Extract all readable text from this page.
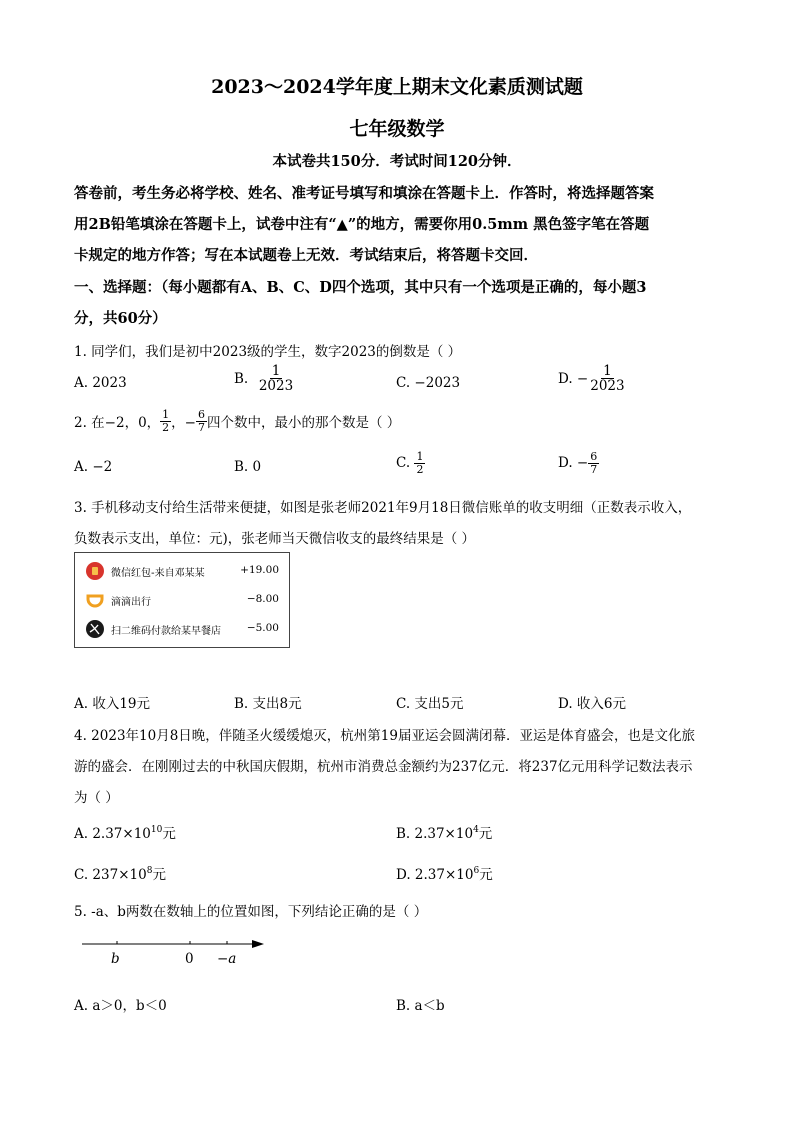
2023～2024学年度上期末文化素质测试题
七年级数学
本试卷共150分．考试时间120分钟．
答卷前，考生务必将学校、姓名、准考证号填写和填涂在答题卡上．作答时，将选择题答案
用2B铅笔填涂在答题卡上，试卷中注有“▲”的地方，需要你用0.5mm 黑色签字笔在答题
卡规定的地方作答；写在本试题卷上无效．考试结束后，将答题卡交回．
一、选择题：（每小题都有A、B、C、D四个选项，其中只有一个选项是正确的，每小题3
分，共60分）
1. 同学们，我们是初中2023级的学生，数字2023的倒数是（ ）
A. 2023	B.
$\frac{1}{2023}$	C. −2023	D. − $\frac{1}{2023}$
2. 在−2，0， $\frac{1}{2}$ ，− $\frac{6}{7}$ 四个数中，最小的那个数是（ ）
A. −2	B. 0	C.
$\frac{1}{2}$	D. − $\frac{6}{7}$
3. 手机移动支付给生活带来便捷，如图是张老师2021年9月18日微信账单的收支明细（正数表示收入，
负数表示支出，单位：元)，张老师当天微信收支的最终结果是（ ）
微信红包-来自邓某某	+19.00
滴滴出行	−8.00
扫二维码付款给某早餐店 −5.00
A. 收入19元	B. 支出8元	C. 支出5元	D. 收入6元
4. 2023年10月8日晚，伴随圣火缓缓熄灭，杭州第19届亚运会圆满闭幕．亚运是体育盛会，也是文化旅
游的盛会．在刚刚过去的中秋国庆假期，杭州市消费总金额约为237亿元．将237亿元用科学记数法表示
为（ ）
A. $2.37\times 10^{10}$元	B. $2.37\times 10^4$元
C. $237\times 10^8$元	D. $2.37\times 10^6$元
5. -a、b两数在数轴上的位置如图，下列结论正确的是（ ）
b	0 −a
A. a＞0，b＜0	B. a＜b
